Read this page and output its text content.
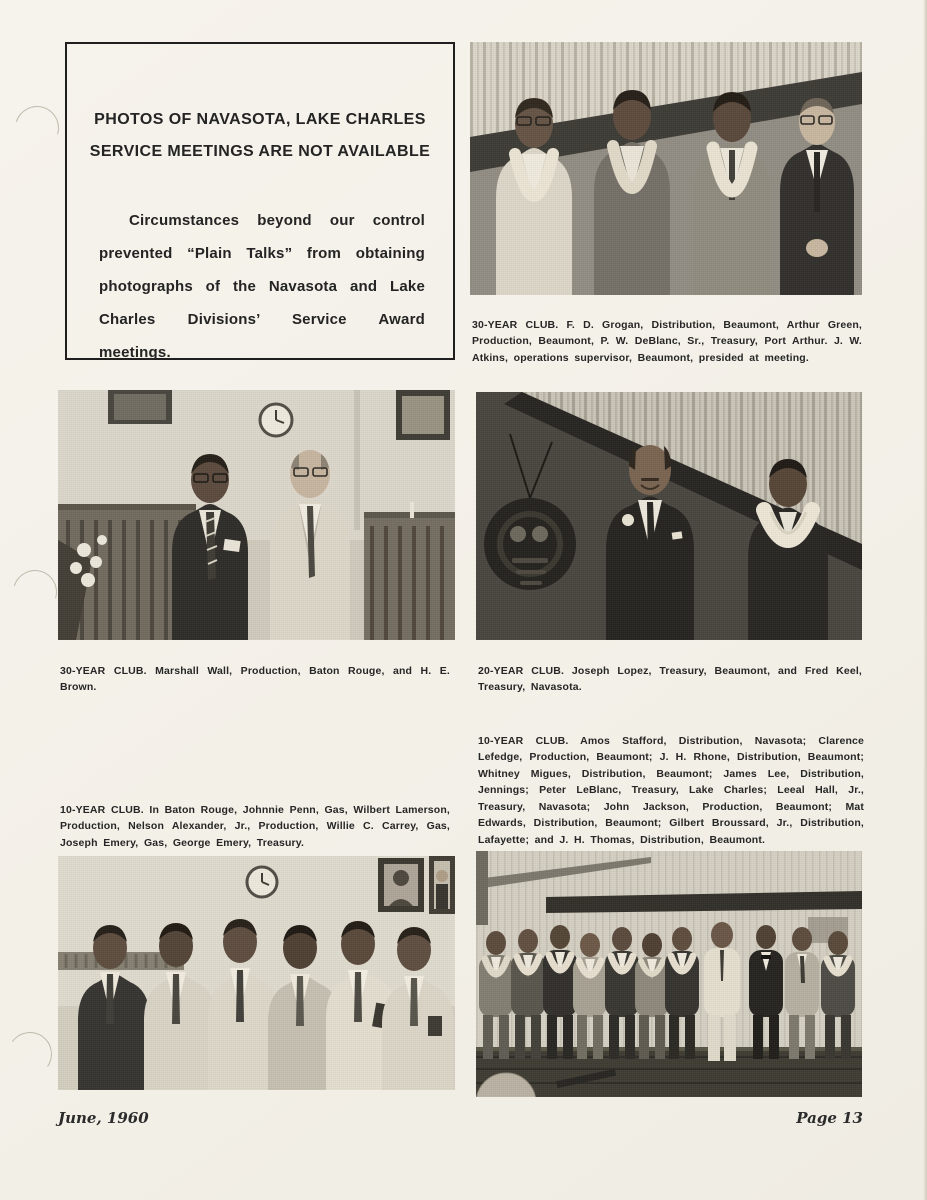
PHOTOS OF NAVASOTA, LAKE CHARLES
SERVICE MEETINGS ARE NOT AVAILABLE

Circumstances beyond our control prevented “Plain Talks” from obtaining photographs of the Navasota and Lake Charles Divisions’ Service Award meetings.

30-YEAR CLUB. F. D. Grogan, Distribution, Beaumont, Arthur Green, Production, Beaumont, P. W. DeBlanc, Sr., Treasury, Port Arthur. J. W. Atkins, operations supervisor, Beaumont, presided at meeting.

30-YEAR CLUB. Marshall Wall, Production, Baton Rouge, and H. E. Brown.

20-YEAR CLUB. Joseph Lopez, Treasury, Beaumont, and Fred Keel, Treasury, Navasota.

10-YEAR CLUB. In Baton Rouge, Johnnie Penn, Gas, Wilbert Lamerson, Production, Nelson Alexander, Jr., Production, Willie C. Carrey, Gas, Joseph Emery, Gas, George Emery, Treasury.

10-YEAR CLUB. Amos Stafford, Distribution, Navasota; Clarence Lefedge, Production, Beaumont; J. H. Rhone, Distribution, Beaumont; Whitney Migues, Distribution, Beaumont; James Lee, Distribution, Jennings; Peter LeBlanc, Treasury, Lake Charles; Leeal Hall, Jr., Treasury, Navasota; John Jackson, Production, Beaumont; Mat Edwards, Distribution, Beaumont; Gilbert Broussard, Jr., Distribution, Lafayette; and J. H. Thomas, Distribution, Beaumont.

June, 1960	Page 13
